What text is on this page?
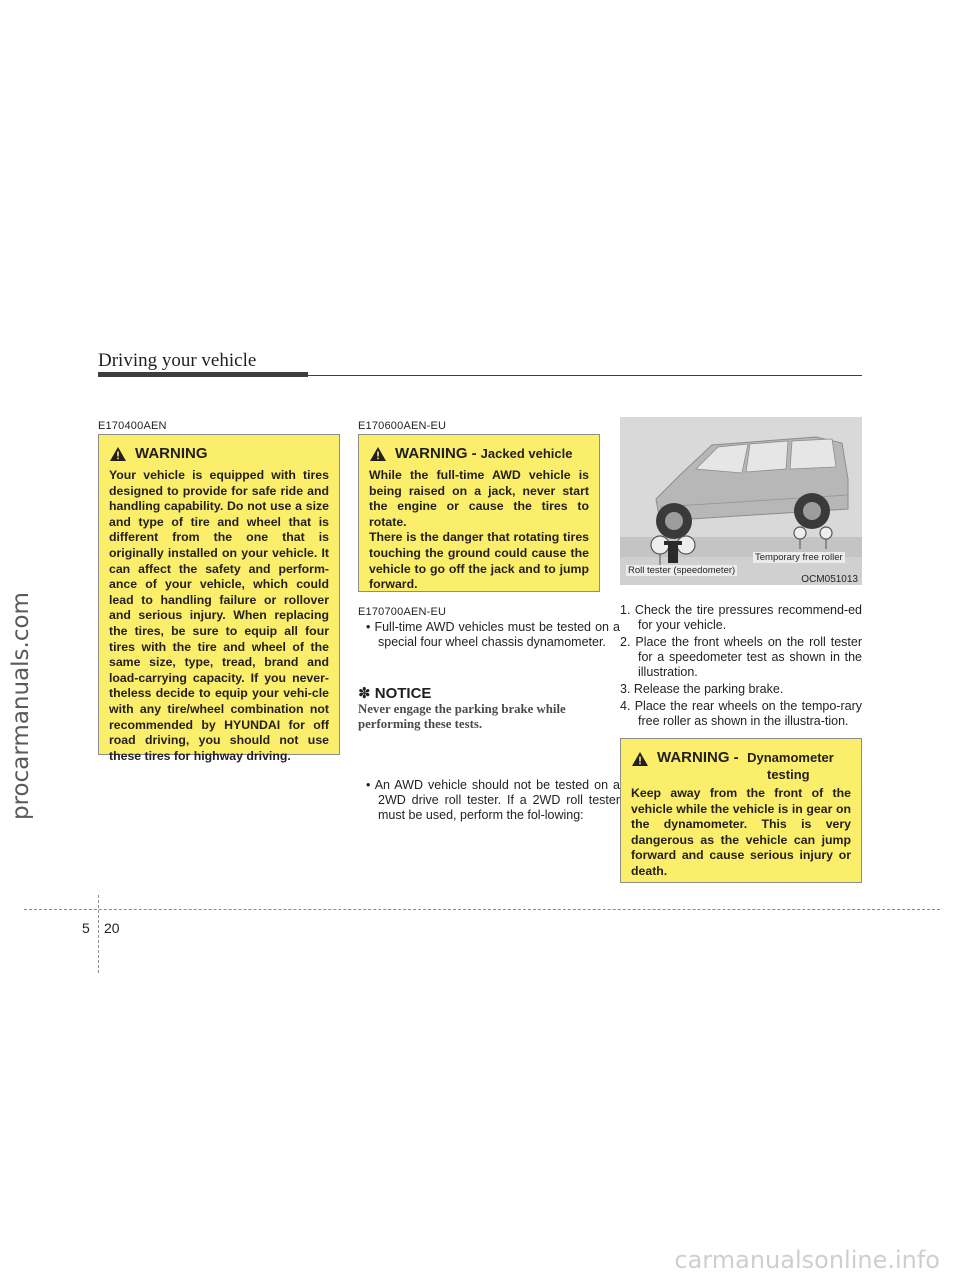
procarmanuals.com
carmanualsonline.info
Driving your vehicle
E170400AEN
WARNING
Your vehicle is equipped with tires designed to provide for safe ride and handling capability. Do not use a size and type of tire and wheel that is different from the one that is originally installed on your vehicle. It can affect the safety and perform-ance of your vehicle, which could lead to handling failure or rollover and serious injury. When replacing the tires, be sure to equip all four tires with the tire and wheel of the same size, type, tread, brand and load-carrying capacity. If you never-theless decide to equip your vehi-cle with any tire/wheel combination not recommended by HYUNDAI for off road driving, you should not use these tires for highway driving.
E170600AEN-EU
WARNING - Jacked vehicle
While the full-time AWD vehicle is being raised on a jack, never start the engine or cause the tires to rotate.
There is the danger that rotating tires touching the ground could cause the vehicle to go off the jack and to jump forward.
E170700AEN-EU
• Full-time AWD vehicles must be tested on a special four wheel chassis dynamometer.
✽ NOTICE
Never engage the parking brake while performing these tests.
• An AWD vehicle should not be tested on a 2WD drive roll tester. If a 2WD roll tester must be used, perform the fol-lowing:
Temporary free roller
Roll tester (speedometer)
OCM051013
1. Check the tire pressures recommend-ed for your vehicle.
2. Place the front wheels on the roll tester for a speedometer test as shown in the illustration.
3. Release the parking brake.
4. Place the rear wheels on the tempo-rary free roller as shown in the illustra-tion.
WARNING - Dynamometer
testing
Keep away from the front of the vehicle while the vehicle is in gear on the dynamometer. This is very dangerous as the vehicle can jump forward and cause serious injury or death.
5 20
